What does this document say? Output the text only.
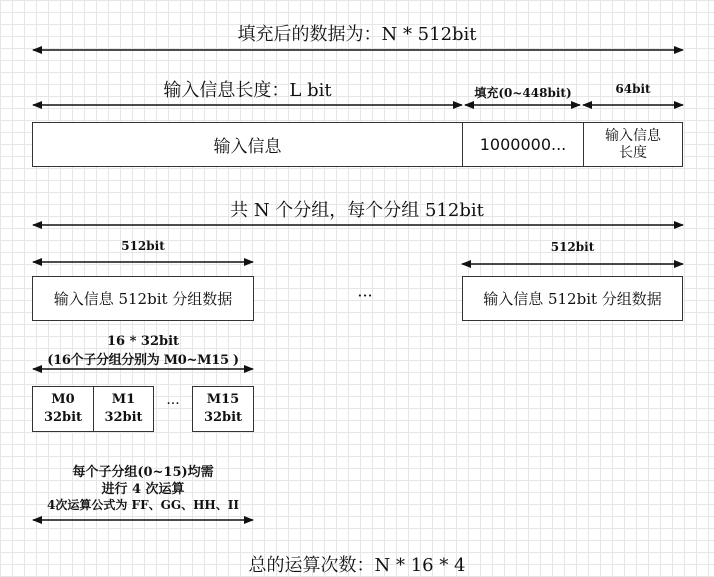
填充后的数据为：N * 512bit
输入信息长度：L bit	填充(0~448bit)	64bit
输入信息	1000000...	输入信息
长度
共 N 个分组，每个分组 512bit
512bit	512bit
输入信息 512bit 分组数据	···	输入信息 512bit 分组数据
16 * 32bit
(16个子分组分别为 M0~M15 )
M0
32bit
M1
32bit
···	M15
32bit
每个子分组(0~15)均需
进行 4 次运算
4次运算公式为 FF、GG、HH、II
总的运算次数：N * 16 * 4
